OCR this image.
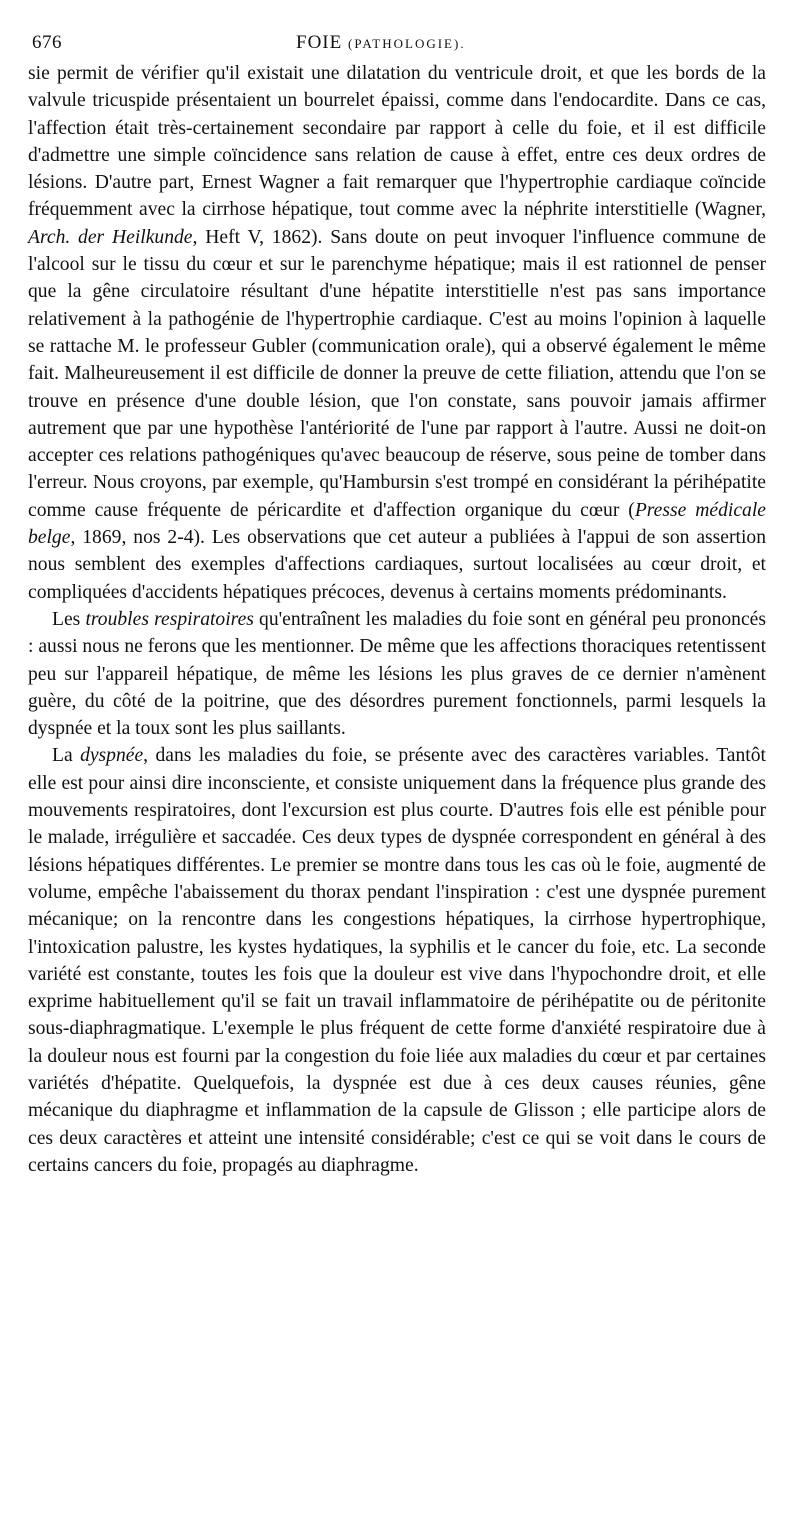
676	FOIE (PATHOLOGIE).

sie permit de vérifier qu'il existait une dilatation du ventricule droit, et que les bords de la valvule tricuspide présentaient un bourrelet épaissi, comme dans l'endocardite. Dans ce cas, l'affection était très-certainement secondaire par rapport à celle du foie, et il est difficile d'admettre une simple coïncidence sans relation de cause à effet, entre ces deux ordres de lésions. D'autre part, Ernest Wagner a fait remarquer que l'hypertrophie cardiaque coïncide fréquemment avec la cirrhose hépatique, tout comme avec la néphrite interstitielle (Wagner, Arch. der Heilkunde, Heft V, 1862). Sans doute on peut invoquer l'influence commune de l'alcool sur le tissu du cœur et sur le parenchyme hépatique; mais il est rationnel de penser que la gêne circulatoire résultant d'une hépatite interstitielle n'est pas sans importance relativement à la pathogénie de l'hypertrophie cardiaque. C'est au moins l'opinion à laquelle se rattache M. le professeur Gubler (communication orale), qui a observé également le même fait. Malheureusement il est difficile de donner la preuve de cette filiation, attendu que l'on se trouve en présence d'une double lésion, que l'on constate, sans pouvoir jamais affirmer autrement que par une hypothèse l'antériorité de l'une par rapport à l'autre. Aussi ne doit-on accepter ces relations pathogéniques qu'avec beaucoup de réserve, sous peine de tomber dans l'erreur. Nous croyons, par exemple, qu'Hambursin s'est trompé en considérant la périhépatite comme cause fréquente de péricardite et d'affection organique du cœur (Presse médicale belge, 1869, nos 2-4). Les observations que cet auteur a publiées à l'appui de son assertion nous semblent des exemples d'affections cardiaques, surtout localisées au cœur droit, et compliquées d'accidents hépatiques précoces, devenus à certains moments prédominants.

Les troubles respiratoires qu'entraînent les maladies du foie sont en général peu prononcés : aussi nous ne ferons que les mentionner. De même que les affections thoraciques retentissent peu sur l'appareil hépatique, de même les lésions les plus graves de ce dernier n'amènent guère, du côté de la poitrine, que des désordres purement fonctionnels, parmi lesquels la dyspnée et la toux sont les plus saillants.

La dyspnée, dans les maladies du foie, se présente avec des caractères variables. Tantôt elle est pour ainsi dire inconsciente, et consiste uniquement dans la fréquence plus grande des mouvements respiratoires, dont l'excursion est plus courte. D'autres fois elle est pénible pour le malade, irrégulière et saccadée. Ces deux types de dyspnée correspondent en général à des lésions hépatiques différentes. Le premier se montre dans tous les cas où le foie, augmenté de volume, empêche l'abaissement du thorax pendant l'inspiration : c'est une dyspnée purement mécanique; on la rencontre dans les congestions hépatiques, la cirrhose hypertrophique, l'intoxication palustre, les kystes hydatiques, la syphilis et le cancer du foie, etc. La seconde variété est constante, toutes les fois que la douleur est vive dans l'hypochondre droit, et elle exprime habituellement qu'il se fait un travail inflammatoire de périhépatite ou de péritonite sous-diaphragmatique. L'exemple le plus fréquent de cette forme d'anxiété respiratoire due à la douleur nous est fourni par la congestion du foie liée aux maladies du cœur et par certaines variétés d'hépatite. Quelquefois, la dyspnée est due à ces deux causes réunies, gêne mécanique du diaphragme et inflammation de la capsule de Glisson ; elle participe alors de ces deux caractères et atteint une intensité considérable; c'est ce qui se voit dans le cours de certains cancers du foie, propagés au diaphragme.
